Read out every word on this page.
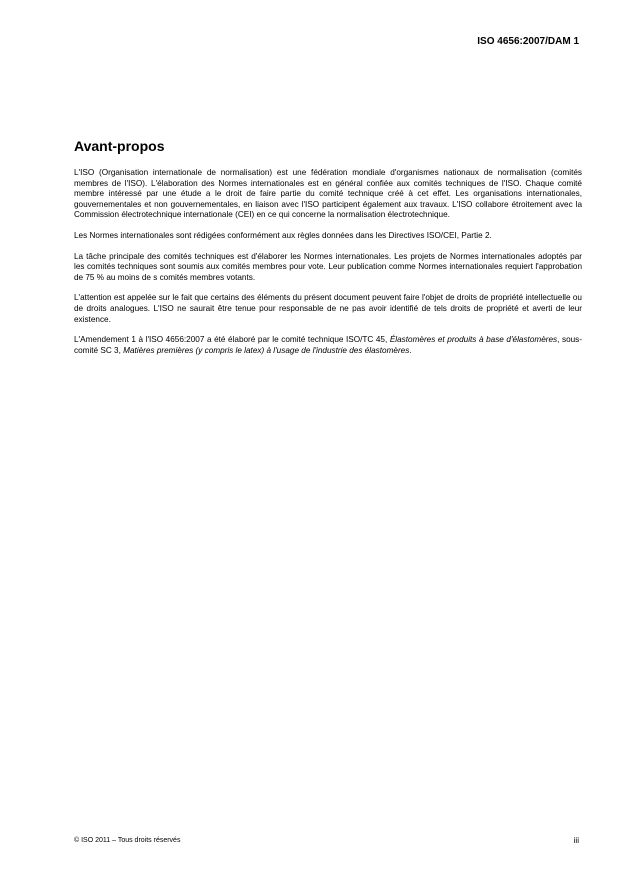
ISO 4656:2007/DAM 1
Avant-propos

L'ISO (Organisation internationale de normalisation) est une fédération mondiale d'organismes nationaux de normalisation (comités membres de l'ISO). L'élaboration des Normes internationales est en général confiée aux comités techniques de l'ISO. Chaque comité membre intéressé par une étude a le droit de faire partie du comité technique créé à cet effet. Les organisations internationales, gouvernementales et non gouvernementales, en liaison avec l'ISO participent également aux travaux. L'ISO collabore étroitement avec la Commission électrotechnique internationale (CEI) en ce qui concerne la normalisation électrotechnique.

Les Normes internationales sont rédigées conformément aux règles données dans les Directives ISO/CEI, Partie 2.

La tâche principale des comités techniques est d'élaborer les Normes internationales. Les projets de Normes internationales adoptés par les comités techniques sont soumis aux comités membres pour vote. Leur publication comme Normes internationales requiert l'approbation de 75 % au moins de s comités membres votants.

L'attention est appelée sur le fait que certains des éléments du présent document peuvent faire l'objet de droits de propriété intellectuelle ou de droits analogues. L'ISO ne saurait être tenue pour responsable de ne pas avoir identifié de tels droits de propriété et averti de leur existence.

L'Amendement 1 à l'ISO 4656:2007 a été élaboré par le comité technique ISO/TC 45, Élastomères et produits à base d'élastomères, sous-comité SC 3, Matières premières (y compris le latex) à l'usage de l'industrie des élastomères.

© ISO 2011 – Tous droits réservés	iii
